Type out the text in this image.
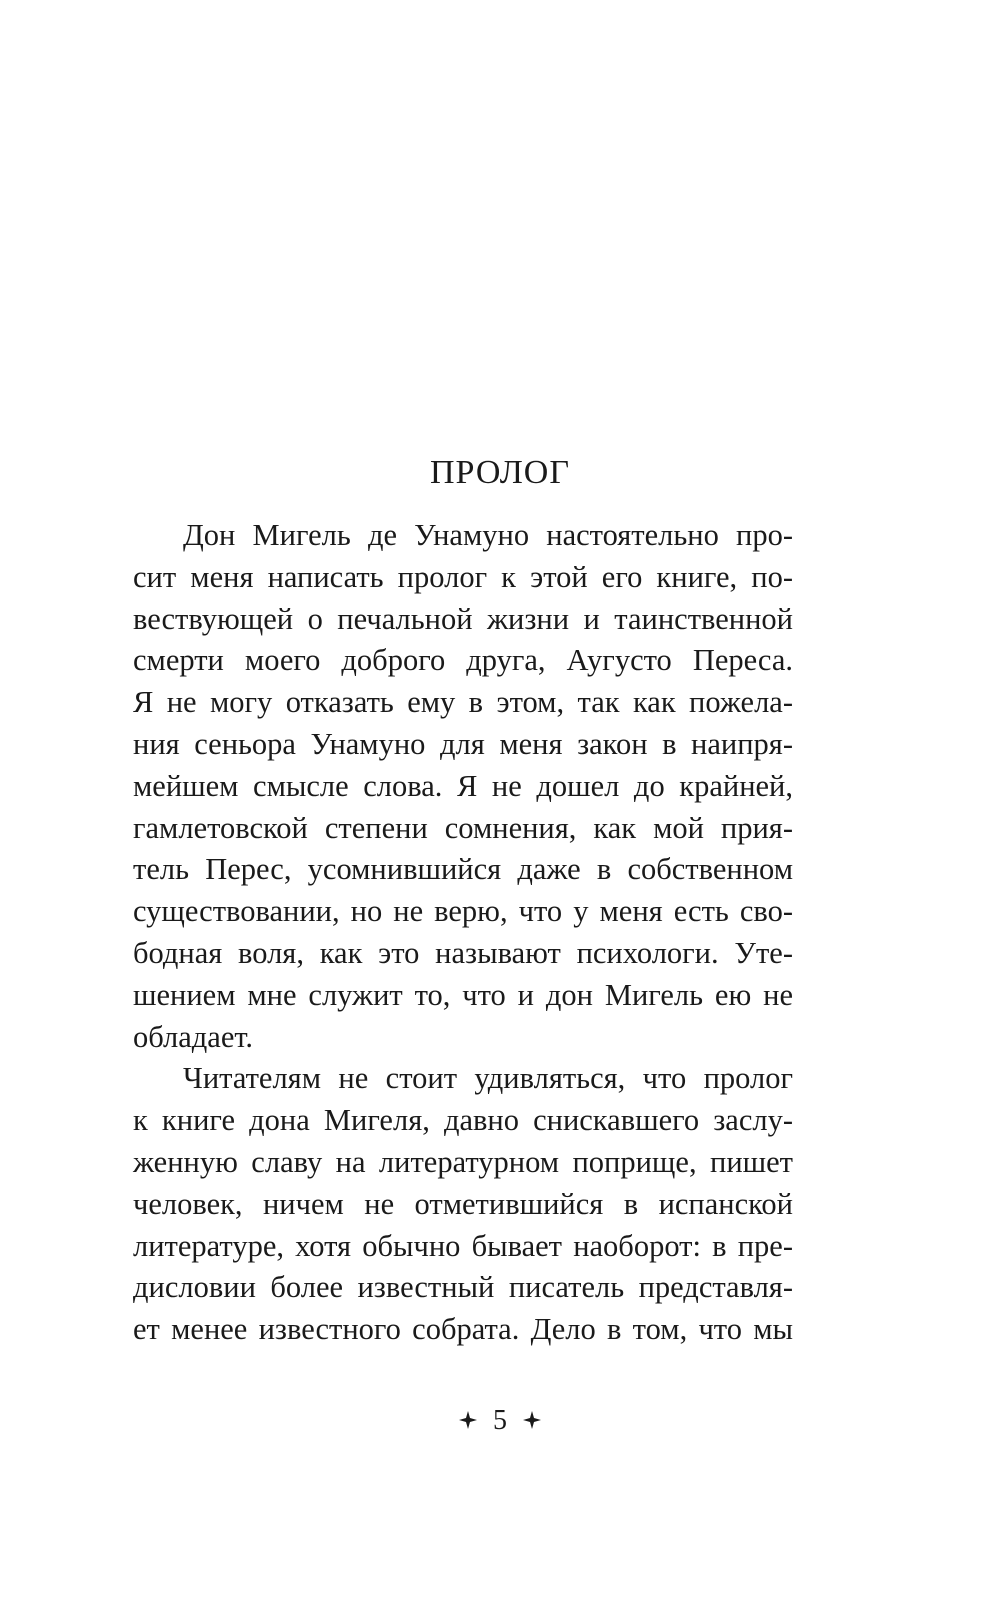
ПРОЛОГ
Дон Мигель де Унамуно настоятельно про-
сит меня написать пролог к этой его книге, по-
вествующей о печальной жизни и таинственной
смерти моего доброго друга, Аугусто Переса.
Я не могу отказать ему в этом, так как пожела-
ния сеньора Унамуно для меня закон в наипря-
мейшем смысле слова. Я не дошел до крайней,
гамлетовской степени сомнения, как мой прия-
тель Перес, усомнившийся даже в собственном
существовании, но не верю, что у меня есть сво-
бодная воля, как это называют психологи. Уте-
шением мне служит то, что и дон Мигель ею не
обладает.
Читателям не стоит удивляться, что пролог
к книге дона Мигеля, давно снискавшего заслу-
женную славу на литературном поприще, пишет
человек, ничем не отметившийся в испанской
литературе, хотя обычно бывает наоборот: в пре-
дисловии более известный писатель представля-
ет менее известного собрата. Дело в том, что мы
5
